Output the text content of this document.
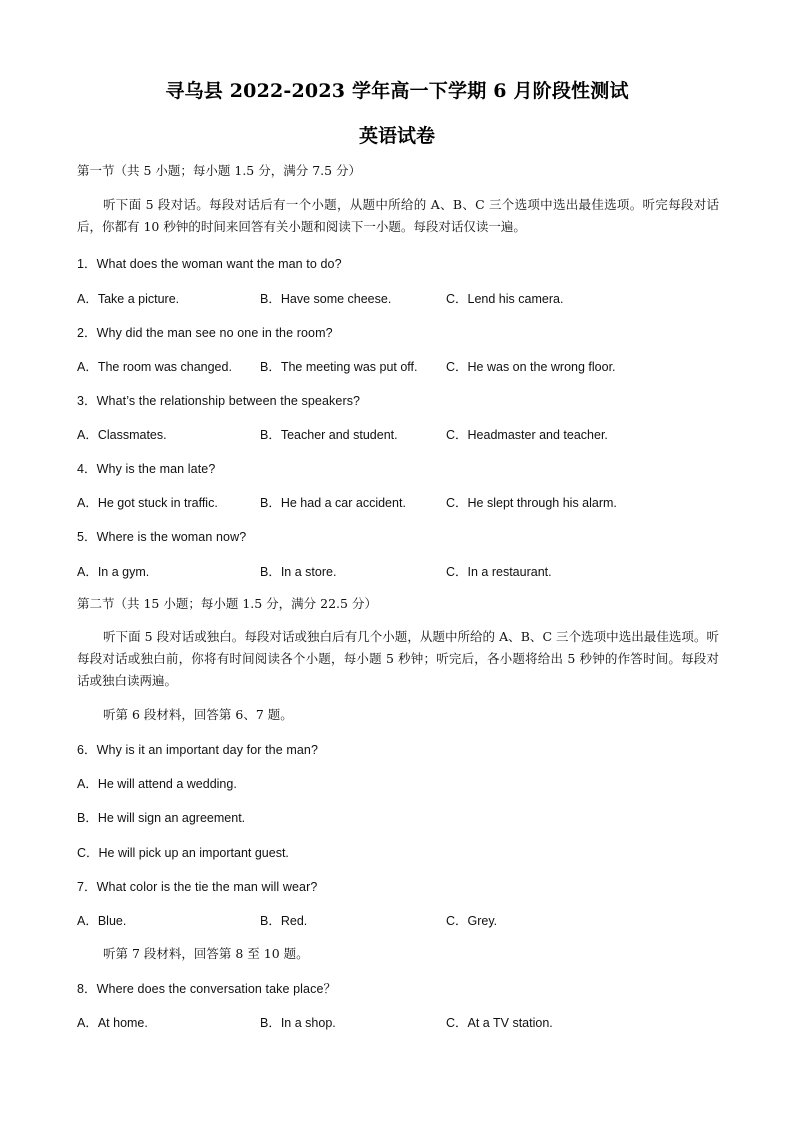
寻乌县 2022-2023 学年高一下学期 6 月阶段性测试
英语试卷
第一节（共 5 小题；每小题 1.5 分，满分 7.5 分）
听下面 5 段对话。每段对话后有一个小题，从题中所给的 A、B、C 三个选项中选出最佳选项。听完每段对话后，你都有 10 秒钟的时间来回答有关小题和阅读下一小题。每段对话仅读一遍。
1．What does the woman want the man to do?
A．Take a picture.	B．Have some cheese.	C．Lend his camera.
2．Why did the man see no one in the room?
A．The room was changed. B．The meeting was put off. C．He was on the wrong floor.
3．What’s the relationship between the speakers?
A．Classmates.	B．Teacher and student.	C．Headmaster and teacher.
4．Why is the man late?
A．He got stuck in traffic.	B．He had a car accident.	C．He slept through his alarm.
5．Where is the woman now?
A．In a gym.	B．In a store.	C．In a restaurant.
第二节（共 15 小题；每小题 1.5 分，满分 22.5 分）
听下面 5 段对话或独白。每段对话或独白后有几个小题，从题中所给的 A、B、C 三个选项中选出最佳选项。听每段对话或独白前，你将有时间阅读各个小题，每小题 5 秒钟；听完后，各小题将给出 5 秒钟的作答时间。每段对话或独白读两遍。
听第 6 段材料，回答第 6、7 题。
6．Why is it an important day for the man?
A．He will attend a wedding.
B．He will sign an agreement.
C．He will pick up an important guest.
7．What color is the tie the man will wear?
A．Blue.	B．Red.	C．Grey.
听第 7 段材料，回答第 8 至 10 题。
8．Where does the conversation take place？
A．At home.	B．In a shop.	C．At a TV station.
